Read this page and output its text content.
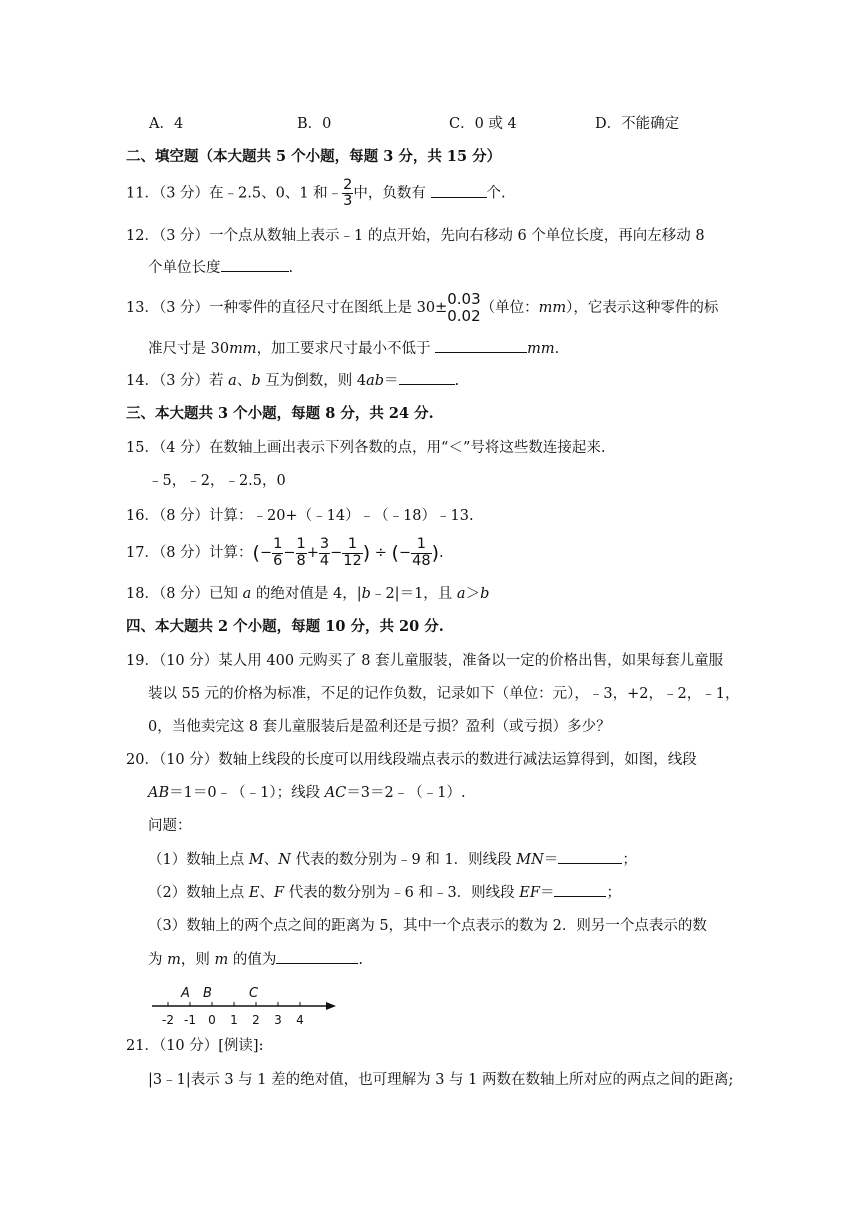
A．4	B．0	C．0 或 4	D．不能确定
二、填空题（本大题共 5 个小题，每题 3 分，共 15 分）
11．（3 分）在﹣2.5、0、1 和﹣ $\frac{2}{3}$ 中，负数有	个.
12．（3 分）一个点从数轴上表示﹣1 的点开始，先向右移动 6 个单位长度，再向左移动 8
个单位长度	.
13．（3 分）一种零件的直径尺寸在图纸上是 30±
0.03
0.02 （单位：mm），它表示这种零件的标
准尺寸是 30mm，加工要求尺寸最小不低于	mm.
14．（3 分）若 a、b 互为倒数，则 4ab＝	.
三、本大题共 3 个小题，每题 8 分，共 24 分.
15．（4 分）在数轴上画出表示下列各数的点，用“＜”号将这些数连接起来.
﹣5，﹣2，﹣2.5，0
16．（8 分）计算：﹣20+（﹣14）﹣（﹣18）﹣13.
17．（8 分）计算：(− $\frac{1}{6} - \frac{1}{8} + \frac{3}{4} - \frac{1}{12}$ ) ÷ (− $\frac{1}{48}$ ).
18．（8 分）已知 a 的绝对值是 4，|b﹣2|＝1，且 a＞b
四、本大题共 2 个小题，每题 10 分，共 20 分.
19．（10 分）某人用 400 元购买了 8 套儿童服装，准备以一定的价格出售，如果每套儿童服
装以 55 元的价格为标准，不足的记作负数，记录如下（单位：元），﹣3，+2，﹣2，﹣1，
0，当他卖完这 8 套儿童服装后是盈利还是亏损？盈利（或亏损）多少？
20．（10 分）数轴上线段的长度可以用线段端点表示的数进行减法运算得到，如图，线段
AB＝1＝0﹣（﹣1）；线段 AC＝3＝2﹣（﹣1）.
问题：
（1）数轴上点 M、N 代表的数分别为﹣9 和 1．则线段 MN＝	；
（2）数轴上点 E、F 代表的数分别为﹣6 和﹣3．则线段 EF＝	；
（3）数轴上的两个点之间的距离为 5，其中一个点表示的数为 2．则另一个点表示的数
为 m，则 m 的值为	.
A B	C
-2 -1 0 1 2 3 4
21．（10 分）[例读]:
|3﹣1|表示 3 与 1 差的绝对值，也可理解为 3 与 1 两数在数轴上所对应的两点之间的距离;
